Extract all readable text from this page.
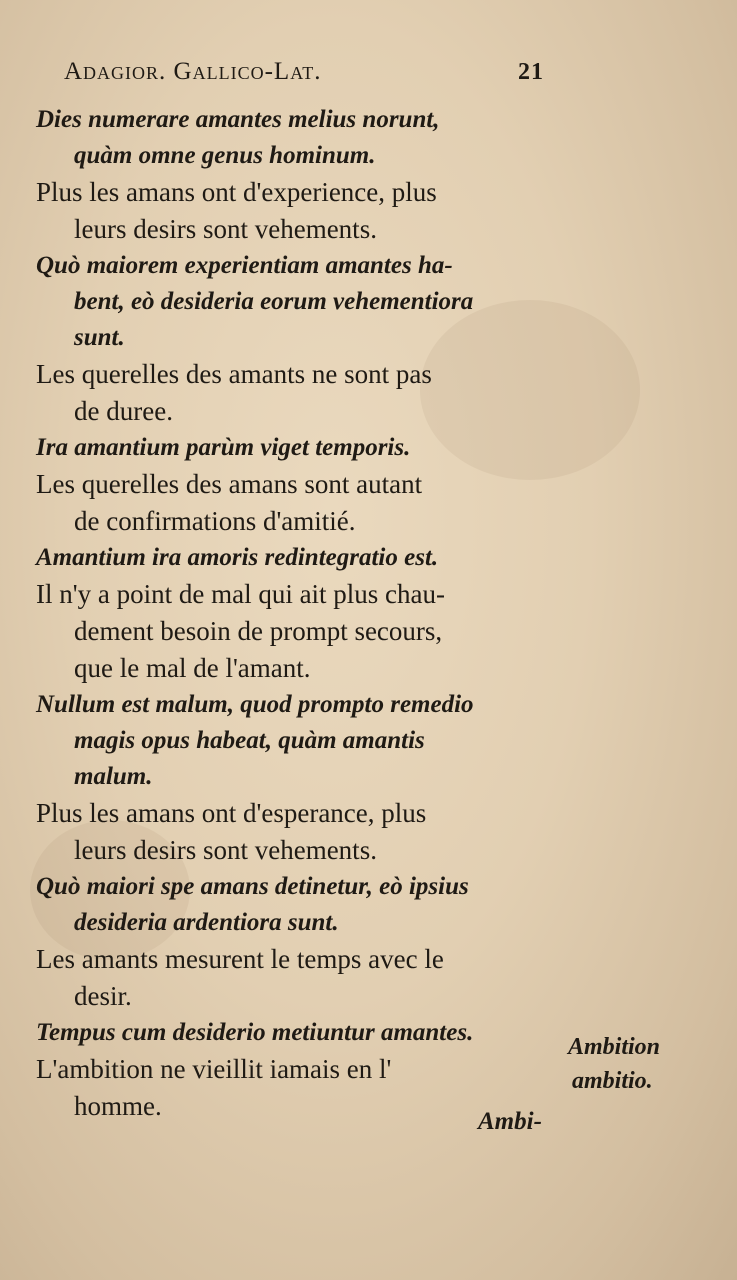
Adagior. Gallico-Lat.	21
Dies numerare amantes melius norunt,
quàm omne genus hominum.
Plus les amans ont d'experience, plus
leurs desirs sont vehements.
Quò maiorem experientiam amantes ha-
bent, eò desideria eorum vehementiora
sunt.
Les querelles des amants ne sont pas
de duree.
Ira amantium parùm viget temporis.
Les querelles des amans sont autant
de confirmations d'amitié.
Amantium ira amoris redintegratio est.
Il n'y a point de mal qui ait plus chau-
dement besoin de prompt secours,
que le mal de l'amant.
Nullum est malum, quod prompto remedio
magis opus habeat, quàm amantis
malum.
Plus les amans ont d'esperance, plus
leurs desirs sont vehements.
Quò maiori spe amans detinetur, eò ipsius
desideria ardentiora sunt.
Les amants mesurent le temps avec le
desir.
Tempus cum desiderio metiuntur amantes.
L'ambition ne vieillit iamais en l'
homme.
Ambition
ambitio.
Ambi-
